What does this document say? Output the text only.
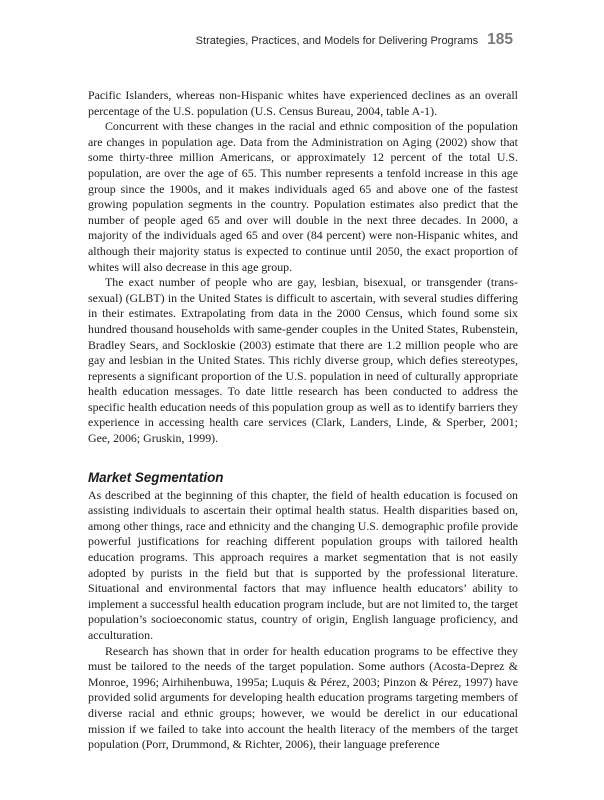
Strategies, Practices, and Models for Delivering Programs 185

Pacific Islanders, whereas non-Hispanic whites have experienced declines as an overall percentage of the U.S. population (U.S. Census Bureau, 2004, table A-1).

Concurrent with these changes in the racial and ethnic composition of the population are changes in population age. Data from the Administration on Aging (2002) show that some thirty-three million Americans, or approximately 12 percent of the total U.S. population, are over the age of 65. This number represents a tenfold increase in this age group since the 1900s, and it makes individuals aged 65 and above one of the fastest growing population segments in the country. Population estimates also predict that the number of people aged 65 and over will double in the next three decades. In 2000, a majority of the individuals aged 65 and over (84 percent) were non-Hispanic whites, and although their majority status is expected to continue until 2050, the exact proportion of whites will also decrease in this age group.

The exact number of people who are gay, lesbian, bisexual, or transgender (transsexual) (GLBT) in the United States is difficult to ascertain, with several studies differing in their estimates. Extrapolating from data in the 2000 Census, which found some six hundred thousand households with same-gender couples in the United States, Rubenstein, Bradley Sears, and Sockloskie (2003) estimate that there are 1.2 million people who are gay and lesbian in the United States. This richly diverse group, which defies stereotypes, represents a significant proportion of the U.S. population in need of culturally appropriate health education messages. To date little research has been conducted to address the specific health education needs of this population group as well as to identify barriers they experience in accessing health care services (Clark, Landers, Linde, & Sperber, 2001; Gee, 2006; Gruskin, 1999).

Market Segmentation

As described at the beginning of this chapter, the field of health education is focused on assisting individuals to ascertain their optimal health status. Health disparities based on, among other things, race and ethnicity and the changing U.S. demographic profile provide powerful justifications for reaching different population groups with tailored health education programs. This approach requires a market segmentation that is not easily adopted by purists in the field but that is supported by the professional literature. Situational and environmental factors that may influence health educators’ ability to implement a successful health education program include, but are not limited to, the target population’s socioeconomic status, country of origin, English language proficiency, and acculturation.

Research has shown that in order for health education programs to be effective they must be tailored to the needs of the target population. Some authors (Acosta-Deprez & Monroe, 1996; Airhihenbuwa, 1995a; Luquis & Pérez, 2003; Pinzon & Pérez, 1997) have provided solid arguments for developing health education programs targeting members of diverse racial and ethnic groups; however, we would be derelict in our educational mission if we failed to take into account the health literacy of the members of the target population (Porr, Drummond, & Richter, 2006), their language preference
